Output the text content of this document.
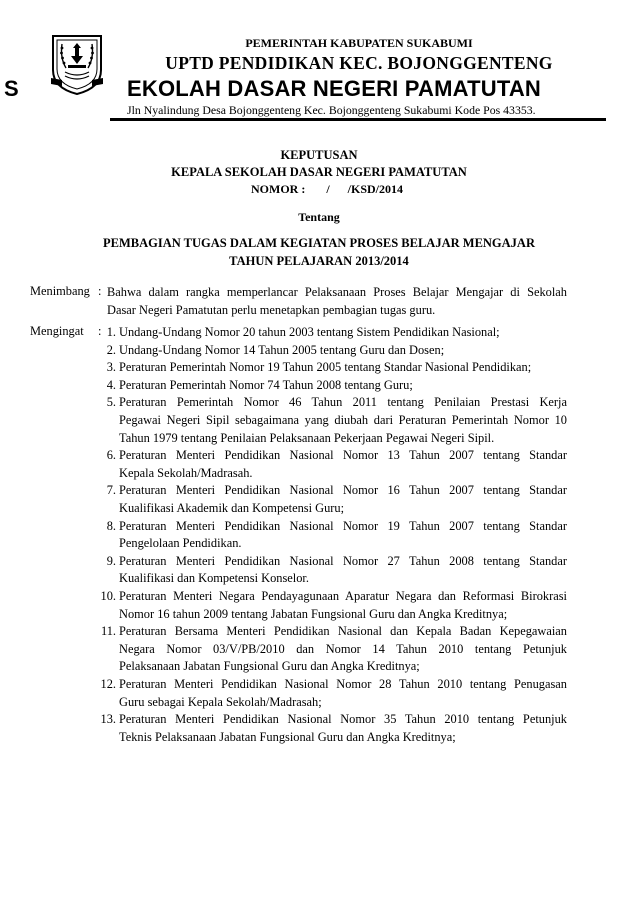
PEMERINTAH KABUPATEN SUKABUMI
UPTD PENDIDIKAN KEC. BOJONGGENTENG
S	EKOLAH DASAR NEGERI PAMATUTAN
Jln Nyalindung Desa Bojonggenteng Kec. Bojonggenteng Sukabumi Kode Pos 43353.
KEPUTUSAN
KEPALA SEKOLAH DASAR NEGERI PAMATUTAN
NOMOR :       /      /KSD/2014
Tentang
PEMBAGIAN TUGAS DALAM KEGIATAN PROSES BELAJAR MENGAJAR
TAHUN PELAJARAN 2013/2014
Menimbang : Bahwa dalam rangka memperlancar Pelaksanaan Proses Belajar Mengajar di Sekolah
Dasar Negeri Pamatutan perlu menetapkan pembagian tugas guru.
Mengingat : 1. Undang-Undang Nomor 20 tahun 2003 tentang Sistem Pendidikan Nasional;
2. Undang-Undang Nomor 14 Tahun 2005 tentang Guru dan Dosen;
3. Peraturan Pemerintah Nomor 19 Tahun 2005 tentang Standar Nasional Pendidikan;
4. Peraturan Pemerintah Nomor 74 Tahun 2008 tentang Guru;
5. Peraturan Pemerintah Nomor 46 Tahun 2011 tentang Penilaian Prestasi Kerja
Pegawai Negeri Sipil sebagaimana yang diubah dari Peraturan Pemerintah Nomor 10
Tahun 1979 tentang Penilaian Pelaksanaan Pekerjaan Pegawai Negeri Sipil.
6. Peraturan Menteri Pendidikan Nasional Nomor 13 Tahun 2007 tentang Standar
Kepala Sekolah/Madrasah.
7. Peraturan Menteri Pendidikan Nasional Nomor 16 Tahun 2007 tentang Standar
Kualifikasi Akademik dan Kompetensi Guru;
8. Peraturan Menteri Pendidikan Nasional Nomor 19 Tahun 2007 tentang Standar
Pengelolaan Pendidikan.
9. Peraturan Menteri Pendidikan Nasional Nomor 27 Tahun 2008 tentang Standar
Kualifikasi dan Kompetensi Konselor.
10. Peraturan Menteri Negara Pendayagunaan Aparatur Negara dan Reformasi Birokrasi
Nomor 16 tahun 2009 tentang Jabatan Fungsional Guru dan Angka Kreditnya;
11. Peraturan Bersama Menteri Pendidikan Nasional dan Kepala Badan Kepegawaian
Negara Nomor 03/V/PB/2010 dan Nomor 14 Tahun 2010 tentang Petunjuk
Pelaksanaan Jabatan Fungsional Guru dan Angka Kreditnya;
12. Peraturan Menteri Pendidikan Nasional Nomor 28 Tahun 2010 tentang Penugasan
Guru sebagai Kepala Sekolah/Madrasah;
13. Peraturan Menteri Pendidikan Nasional Nomor 35 Tahun 2010 tentang Petunjuk
Teknis Pelaksanaan Jabatan Fungsional Guru dan Angka Kreditnya;
